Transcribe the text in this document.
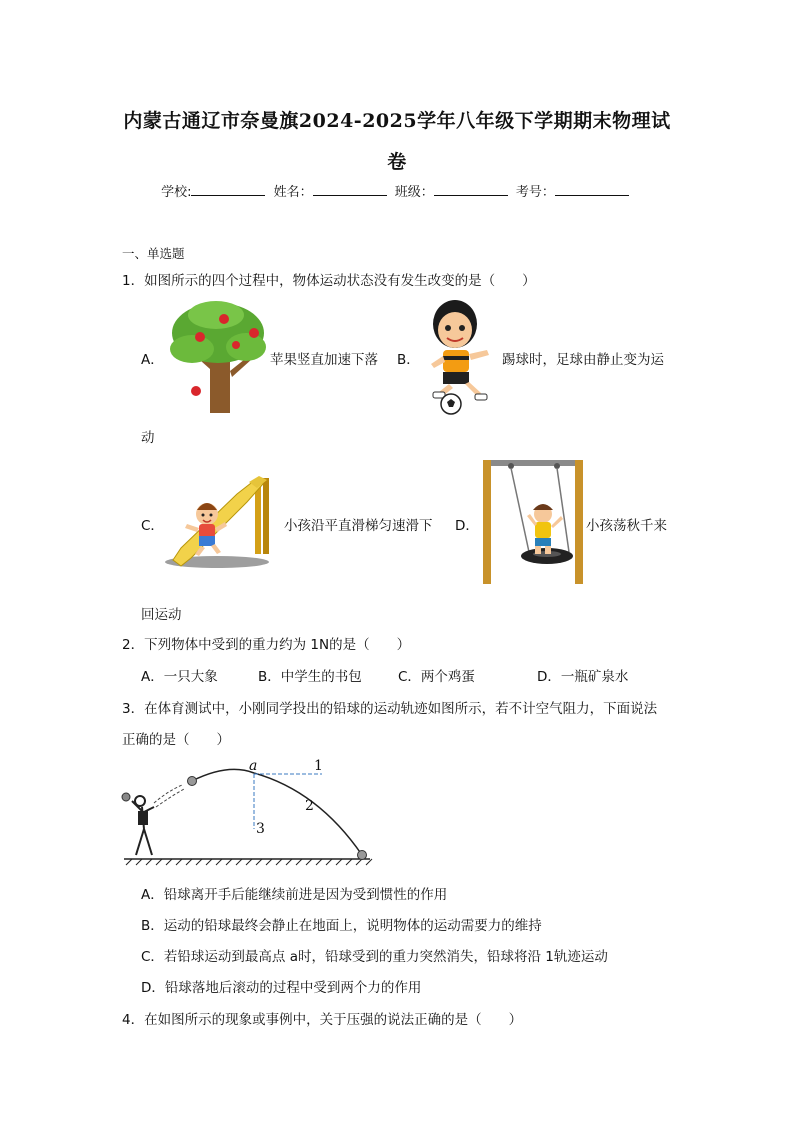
内蒙古通辽市奈曼旗2024-2025学年八年级下学期期末物理试
卷
学校:	姓名：	班级：	考号：
一、单选题
1．如图所示的四个过程中，物体运动状态没有发生改变的是（　　）
A．	苹果竖直加速下落 B．	踢球时，足球由静止变为运
动
C．	小孩沿平直滑梯匀速滑下 D．	小孩荡秋千来
回运动
2．下列物体中受到的重力约为 1N的是（　　）
A．一只大象	B．中学生的书包	C．两个鸡蛋	D．一瓶矿泉水
3．在体育测试中，小刚同学投出的铅球的运动轨迹如图所示，若不计空气阻力，下面说法
正确的是（　　）
a	1
2
3
A．铅球离开手后能继续前进是因为受到惯性的作用
B．运动的铅球最终会静止在地面上，说明物体的运动需要力的维持
C．若铅球运动到最高点 a时，铅球受到的重力突然消失，铅球将沿 1轨迹运动
D．铅球落地后滚动的过程中受到两个力的作用
4．在如图所示的现象或事例中，关于压强的说法正确的是（　　）
